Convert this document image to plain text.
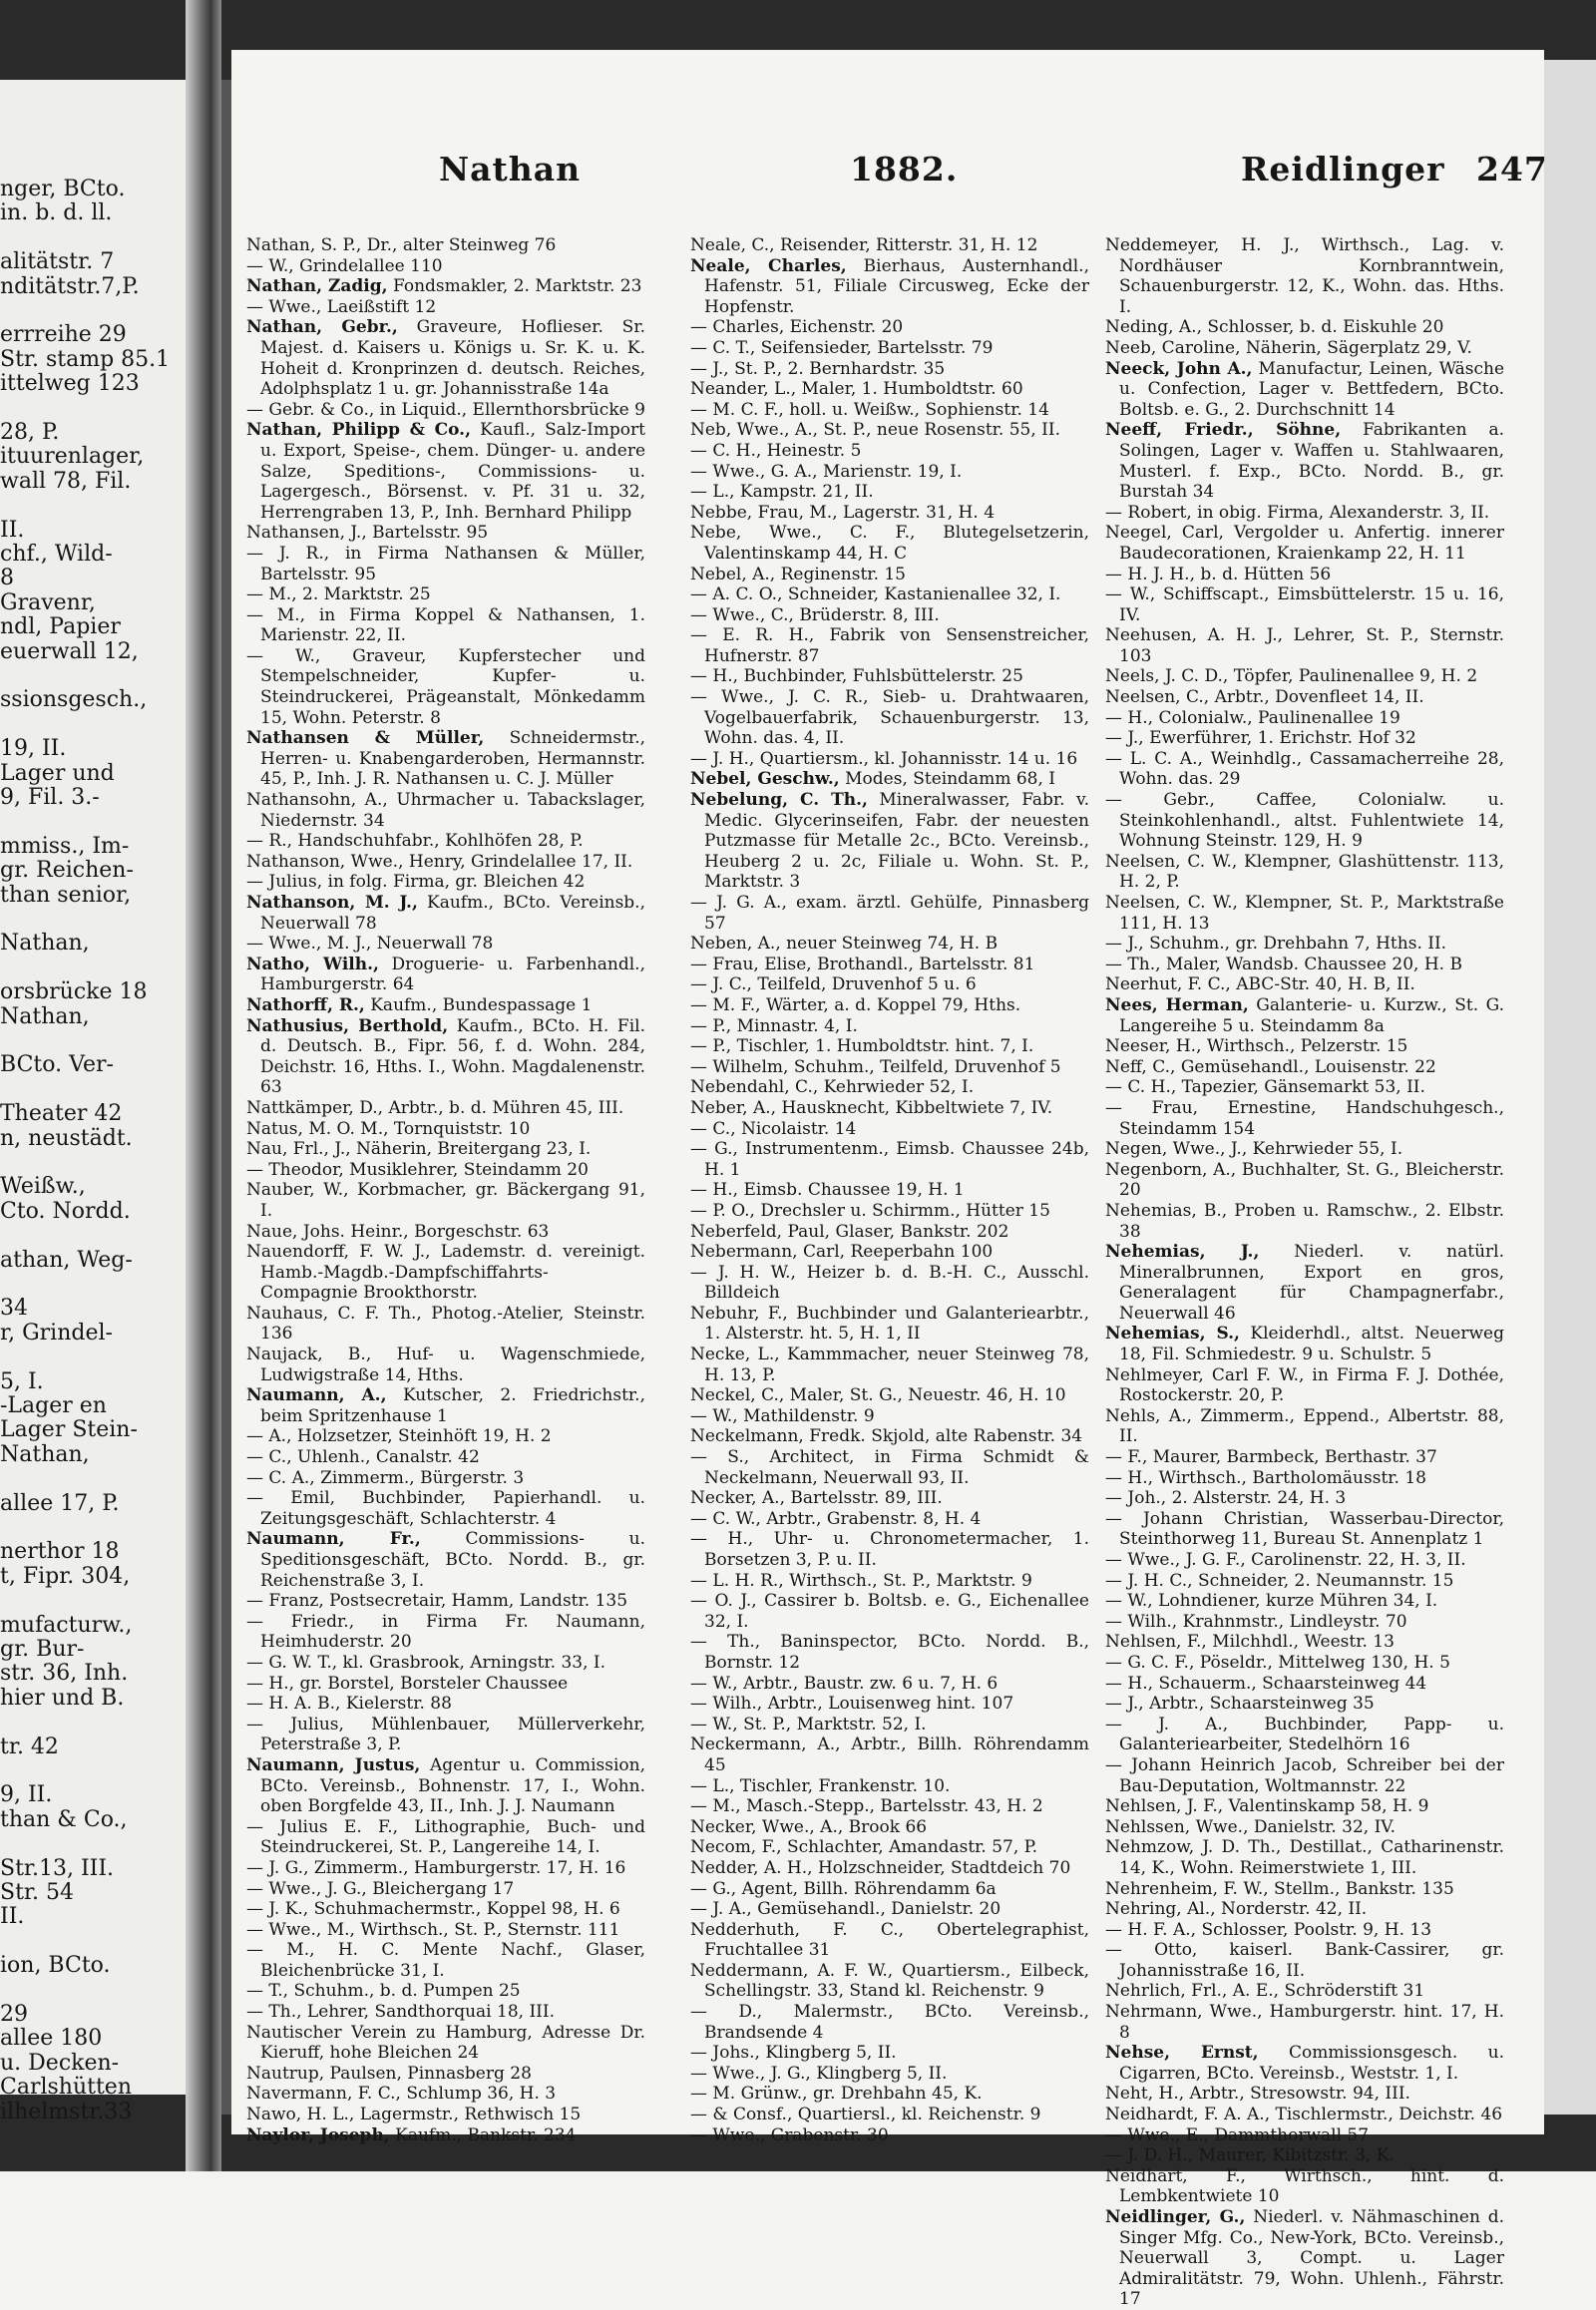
nger, BCto.
in. b. d. ll.
alitätstr. 7
nditätstr.7,P.
errreihe 29
Str. stamp 85.1
ittelweg 123
28, P.
ituurenlager,
wall 78, Fil.
II.
chf., Wild-
8
Gravenr,
ndl, Papier
euerwall 12,
ssionsgesch.,
19, II.
Lager und
9, Fil. 3.-
mmiss., Im-
gr. Reichen-
than senior,
Nathan,
orsbrücke 18
Nathan,
BCto. Ver-
Theater 42
n, neustädt.
Weißw.,
Cto. Nordd.
athan, Weg-
34
r, Grindel-
5, I.
-Lager en
Lager Stein-
Nathan,
allee 17, P.
nerthor 18
t, Fipr. 304,
mufacturw.,
gr. Bur-
str. 36, Inh.
hier und B.
tr. 42
9, II.
than & Co.,
Str.13, III.
Str. 54
II.
ion, BCto.
29
allee 180
u. Decken-
Carlshütten
ilhelmstr.33
Nathan	1882.	Reidlinger 247

Nathan, S. P., Dr., alter Steinweg 76

— W., Grindelallee 110

Nathan, Zadig, Fondsmakler, 2. Marktstr. 23

— Wwe., Laeißstift 12

Nathan, Gebr., Graveure, Hoflieser. Sr. Majest. d. Kaisers u. Königs u. Sr. K. u. K. Hoheit d. Kronprinzen d. deutsch. Reiches, Adolphsplatz 1 u. gr. Johannisstraße 14a

— Gebr. & Co., in Liquid., Ellernthorsbrücke 9

Nathan, Philipp & Co., Kaufl., Salz-Import u. Export, Speise-, chem. Dünger- u. andere Salze, Speditions-, Commissions- u. Lagergesch., Börsenst. v. Pf. 31 u. 32, Herrengraben 13, P., Inh. Bernhard Philipp

Nathansen, J., Bartelsstr. 95

— J. R., in Firma Nathansen & Müller, Bartelsstr. 95

— M., 2. Marktstr. 25

— M., in Firma Koppel & Nathansen, 1. Marienstr. 22, II.

— W., Graveur, Kupferstecher und Stempelschneider, Kupfer- u. Steindruckerei, Prägeanstalt, Mönkedamm 15, Wohn. Peterstr. 8

Nathansen & Müller, Schneidermstr., Herren- u. Knabengarderoben, Hermannstr. 45, P., Inh. J. R. Nathansen u. C. J. Müller

Nathansohn, A., Uhrmacher u. Tabackslager, Niedernstr. 34

— R., Handschuhfabr., Kohlhöfen 28, P.

Nathanson, Wwe., Henry, Grindelallee 17, II.

— Julius, in folg. Firma, gr. Bleichen 42

Nathanson, M. J., Kaufm., BCto. Vereinsb., Neuerwall 78

— Wwe., M. J., Neuerwall 78

Natho, Wilh., Droguerie- u. Farbenhandl., Hamburgerstr. 64

Nathorff, R., Kaufm., Bundespassage 1

Nathusius, Berthold, Kaufm., BCto. H. Fil. d. Deutsch. B., Fipr. 56, f. d. Wohn. 284, Deichstr. 16, Hths. I., Wohn. Magdalenenstr. 63

Nattkämper, D., Arbtr., b. d. Mühren 45, III.

Natus, M. O. M., Tornquiststr. 10

Nau, Frl., J., Näherin, Breitergang 23, I.

— Theodor, Musiklehrer, Steindamm 20

Nauber, W., Korbmacher, gr. Bäckergang 91, I.

Naue, Johs. Heinr., Borgeschstr. 63

Nauendorff, F. W. J., Lademstr. d. vereinigt. Hamb.-Magdb.-Dampfschiffahrts-Compagnie Brookthorstr.

Nauhaus, C. F. Th., Photog.-Atelier, Steinstr. 136

Naujack, B., Huf- u. Wagenschmiede, Ludwigstraße 14, Hths.

Naumann, A., Kutscher, 2. Friedrichstr., beim Spritzenhause 1

— A., Holzsetzer, Steinhöft 19, H. 2

— C., Uhlenh., Canalstr. 42

— C. A., Zimmerm., Bürgerstr. 3

— Emil, Buchbinder, Papierhandl. u. Zeitungsgeschäft, Schlachterstr. 4

Naumann, Fr., Commissions- u. Speditionsgeschäft, BCto. Nordd. B., gr. Reichenstraße 3, I.

— Franz, Postsecretair, Hamm, Landstr. 135

— Friedr., in Firma Fr. Naumann, Heimhuderstr. 20

— G. W. T., kl. Grasbrook, Arningstr. 33, I.

— H., gr. Borstel, Borsteler Chaussee

— H. A. B., Kielerstr. 88

— Julius, Mühlenbauer, Müllerverkehr, Peterstraße 3, P.

Naumann, Justus, Agentur u. Commission, BCto. Vereinsb., Bohnenstr. 17, I., Wohn. oben Borgfelde 43, II., Inh. J. J. Naumann

— Julius E. F., Lithographie, Buch- und Steindruckerei, St. P., Langereihe 14, I.

— J. G., Zimmerm., Hamburgerstr. 17, H. 16

— Wwe., J. G., Bleichergang 17

— J. K., Schuhmachermstr., Koppel 98, H. 6

— Wwe., M., Wirthsch., St. P., Sternstr. 111

— M., H. C. Mente Nachf., Glaser, Bleichenbrücke 31, I.

— T., Schuhm., b. d. Pumpen 25

— Th., Lehrer, Sandthorquai 18, III.

Nautischer Verein zu Hamburg, Adresse Dr. Kieruff, hohe Bleichen 24

Nautrup, Paulsen, Pinnasberg 28

Navermann, F. C., Schlump 36, H. 3

Nawo, H. L., Lagermstr., Rethwisch 15

Naylor, Joseph, Kaufm., Bankstr. 234

Neale, C., Reisender, Ritterstr. 31, H. 12

Neale, Charles, Bierhaus, Austernhandl., Hafenstr. 51, Filiale Circusweg, Ecke der Hopfenstr.

— Charles, Eichenstr. 20

— C. T., Seifensieder, Bartelsstr. 79

— J., St. P., 2. Bernhardstr. 35

Neander, L., Maler, 1. Humboldtstr. 60

— M. C. F., holl. u. Weißw., Sophienstr. 14

Neb, Wwe., A., St. P., neue Rosenstr. 55, II.

— C. H., Heinestr. 5

— Wwe., G. A., Marienstr. 19, I.

— L., Kampstr. 21, II.

Nebbe, Frau, M., Lagerstr. 31, H. 4

Nebe, Wwe., C. F., Blutegelsetzerin, Valentinskamp 44, H. C

Nebel, A., Reginenstr. 15

— A. C. O., Schneider, Kastanienallee 32, I.

— Wwe., C., Brüderstr. 8, III.

— E. R. H., Fabrik von Sensenstreicher, Hufnerstr. 87

— H., Buchbinder, Fuhlsbüttelerstr. 25

— Wwe., J. C. R., Sieb- u. Drahtwaaren, Vogelbauerfabrik, Schauenburgerstr. 13, Wohn. das. 4, II.

— J. H., Quartiersm., kl. Johannisstr. 14 u. 16

Nebel, Geschw., Modes, Steindamm 68, I

Nebelung, C. Th., Mineralwasser, Fabr. v. Medic. Glycerinseifen, Fabr. der neuesten Putzmasse für Metalle 2c., BCto. Vereinsb., Heuberg 2 u. 2c, Filiale u. Wohn. St. P., Marktstr. 3

— J. G. A., exam. ärztl. Gehülfe, Pinnasberg 57

Neben, A., neuer Steinweg 74, H. B

— Frau, Elise, Brothandl., Bartelsstr. 81

— J. C., Teilfeld, Druvenhof 5 u. 6

— M. F., Wärter, a. d. Koppel 79, Hths.

— P., Minnastr. 4, I.

— P., Tischler, 1. Humboldtstr. hint. 7, I.

— Wilhelm, Schuhm., Teilfeld, Druvenhof 5

Nebendahl, C., Kehrwieder 52, I.

Neber, A., Hausknecht, Kibbeltwiete 7, IV.

— C., Nicolaistr. 14

— G., Instrumentenm., Eimsb. Chaussee 24b, H. 1

— H., Eimsb. Chaussee 19, H. 1

— P. O., Drechsler u. Schirmm., Hütter 15

Neberfeld, Paul, Glaser, Bankstr. 202

Nebermann, Carl, Reeperbahn 100

— J. H. W., Heizer b. d. B.-H. C., Ausschl. Billdeich

Nebuhr, F., Buchbinder und Galanteriearbtr., 1. Alsterstr. ht. 5, H. 1, II

Necke, L., Kammmacher, neuer Steinweg 78, H. 13, P.

Neckel, C., Maler, St. G., Neuestr. 46, H. 10

— W., Mathildenstr. 9

Neckelmann, Fredk. Skjold, alte Rabenstr. 34

— S., Architect, in Firma Schmidt & Neckelmann, Neuerwall 93, II.

Necker, A., Bartelsstr. 89, III.

— C. W., Arbtr., Grabenstr. 8, H. 4

— H., Uhr- u. Chronometermacher, 1. Borsetzen 3, P. u. II.

— L. H. R., Wirthsch., St. P., Marktstr. 9

— O. J., Cassirer b. Boltsb. e. G., Eichenallee 32, I.

— Th., Baninspector, BCto. Nordd. B., Bornstr. 12

— W., Arbtr., Baustr. zw. 6 u. 7, H. 6

— Wilh., Arbtr., Louisenweg hint. 107

— W., St. P., Marktstr. 52, I.

Neckermann, A., Arbtr., Billh. Röhrendamm 45

— L., Tischler, Frankenstr. 10.

— M., Masch.-Stepp., Bartelsstr. 43, H. 2

Necker, Wwe., A., Brook 66

Necom, F., Schlachter, Amandastr. 57, P.

Nedder, A. H., Holzschneider, Stadtdeich 70

— G., Agent, Billh. Röhrendamm 6a

— J. A., Gemüsehandl., Danielstr. 20

Nedderhuth, F. C., Obertelegraphist, Fruchtallee 31

Neddermann, A. F. W., Quartiersm., Eilbeck, Schellingstr. 33, Stand kl. Reichenstr. 9

— D., Malermstr., BCto. Vereinsb., Brandsende 4

— Johs., Klingberg 5, II.

— Wwe., J. G., Klingberg 5, II.

— M. Grünw., gr. Drehbahn 45, K.

— & Consf., Quartiersl., kl. Reichenstr. 9

— Wwe., Grabenstr. 30

Neddemeyer, H. J., Wirthsch., Lag. v. Nordhäuser Kornbranntwein, Schauenburgerstr. 12, K., Wohn. das. Hths. I.

Neding, A., Schlosser, b. d. Eiskuhle 20

Neeb, Caroline, Näherin, Sägerplatz 29, V.

Neeck, John A., Manufactur, Leinen, Wäsche u. Confection, Lager v. Bettfedern, BCto. Boltsb. e. G., 2. Durchschnitt 14

Neeff, Friedr., Söhne, Fabrikanten a. Solingen, Lager v. Waffen u. Stahlwaaren, Musterl. f. Exp., BCto. Nordd. B., gr. Burstah 34

— Robert, in obig. Firma, Alexanderstr. 3, II.

Neegel, Carl, Vergolder u. Anfertig. innerer Baudecorationen, Kraienkamp 22, H. 11

— H. J. H., b. d. Hütten 56

— W., Schiffscapt., Eimsbüttelerstr. 15 u. 16, IV.

Neehusen, A. H. J., Lehrer, St. P., Sternstr. 103

Neels, J. C. D., Töpfer, Paulinenallee 9, H. 2

Neelsen, C., Arbtr., Dovenfleet 14, II.

— H., Colonialw., Paulinenallee 19

— J., Ewerführer, 1. Erichstr. Hof 32

— L. C. A., Weinhdlg., Cassamacherreihe 28, Wohn. das. 29

— Gebr., Caffee, Colonialw. u. Steinkohlenhandl., altst. Fuhlentwiete 14, Wohnung Steinstr. 129, H. 9

Neelsen, C. W., Klempner, Glashüttenstr. 113, H. 2, P.

Neelsen, C. W., Klempner, St. P., Marktstraße 111, H. 13

— J., Schuhm., gr. Drehbahn 7, Hths. II.

— Th., Maler, Wandsb. Chaussee 20, H. B

Neerhut, F. C., ABC-Str. 40, H. B, II.

Nees, Herman, Galanterie- u. Kurzw., St. G. Langereihe 5 u. Steindamm 8a

Neeser, H., Wirthsch., Pelzerstr. 15

Neff, C., Gemüsehandl., Louisenstr. 22

— C. H., Tapezier, Gänsemarkt 53, II.

— Frau, Ernestine, Handschuhgesch., Steindamm 154

Negen, Wwe., J., Kehrwieder 55, I.

Negenborn, A., Buchhalter, St. G., Bleicherstr. 20

Nehemias, B., Proben u. Ramschw., 2. Elbstr. 38

Nehemias, J., Niederl. v. natürl. Mineralbrunnen, Export en gros, Generalagent für Champagnerfabr., Neuerwall 46

Nehemias, S., Kleiderhdl., altst. Neuerweg 18, Fil. Schmiedestr. 9 u. Schulstr. 5

Nehlmeyer, Carl F. W., in Firma F. J. Dothée, Rostockerstr. 20, P.

Nehls, A., Zimmerm., Eppend., Albertstr. 88, II.

— F., Maurer, Barmbeck, Berthastr. 37

— H., Wirthsch., Bartholomäusstr. 18

— Joh., 2. Alsterstr. 24, H. 3

— Johann Christian, Wasserbau-Director, Steinthorweg 11, Bureau St. Annenplatz 1

— Wwe., J. G. F., Carolinenstr. 22, H. 3, II.

— J. H. C., Schneider, 2. Neumannstr. 15

— W., Lohndiener, kurze Mühren 34, I.

— Wilh., Krahnmstr., Lindleystr. 70

Nehlsen, F., Milchhdl., Weestr. 13

— G. C. F., Pöseldr., Mittelweg 130, H. 5

— H., Schauerm., Schaarsteinweg 44

— J., Arbtr., Schaarsteinweg 35

— J. A., Buchbinder, Papp- u. Galanteriearbeiter, Stedelhörn 16

— Johann Heinrich Jacob, Schreiber bei der Bau-Deputation, Woltmannstr. 22

Nehlsen, J. F., Valentinskamp 58, H. 9

Nehlssen, Wwe., Danielstr. 32, IV.

Nehmzow, J. D. Th., Destillat., Catharinenstr. 14, K., Wohn. Reimerstwiete 1, III.

Nehrenheim, F. W., Stellm., Bankstr. 135

Nehring, Al., Norderstr. 42, II.

— H. F. A., Schlosser, Poolstr. 9, H. 13

— Otto, kaiserl. Bank-Cassirer, gr. Johannisstraße 16, II.

Nehrlich, Frl., A. E., Schröderstift 31

Nehrmann, Wwe., Hamburgerstr. hint. 17, H. 8

Nehse, Ernst, Commissionsgesch. u. Cigarren, BCto. Vereinsb., Weststr. 1, I.

Neht, H., Arbtr., Stresowstr. 94, III.

Neidhardt, F. A. A., Tischlermstr., Deichstr. 46

— Wwe., E., Dammthorwall 57

— J. D. H., Maurer, Kibitzstr. 3, K.

Neidhart, F., Wirthsch., hint. d. Lembkentwiete 10

Neidlinger, G., Niederl. v. Nähmaschinen d. Singer Mfg. Co., New-York, BCto. Vereinsb., Neuerwall 3, Compt. u. Lager Admiralitätstr. 79, Wohn. Uhlenh., Fährstr. 17
